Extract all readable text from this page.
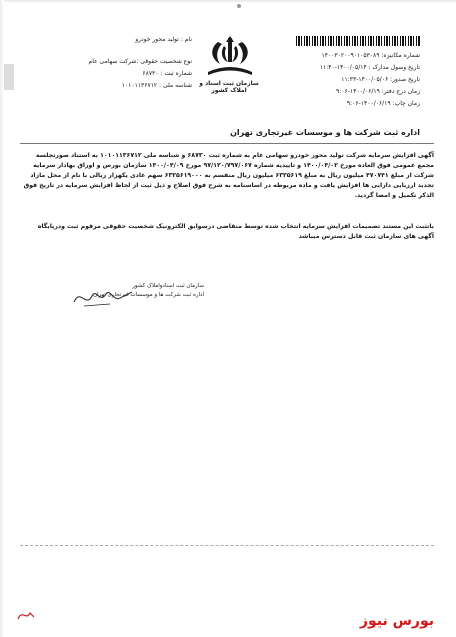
شماره مکانیزه: ۱۴۰۰۳۰۲۰۰۹۰۱۰۵۳۰۸۹
تاریخ وسول مدارک : ۱۴۰۰/۰۵/۱۴-۱۱:۴۰
تاریخ صدور: ۱۴۰۰/۰۵/۰۶-۱۱:۳۳
زمان درج دفتر: ۱۴۰۰/۰۶/۱۹-۹:۰۶
زمان چاپ: ۱۴۰۰/۰۶/۱۹-۹:۰۶
نام : تولید محور خودرو
نوع شخصیت حقوقی :شرکت سهامی عام
شماره ثبت : ۶۸۷۳۰
شناسه ملی : ۱۰۱۰۱۱۳۶۷۱۲	سازمان ثبت اسناد و املاک کشور
اداره ثبت شرکت ها و موسسات غیرتجاری تهران

آگهی افزایش سرمایه شرکت تولید محور خودرو سهامی عام به شماره ثبت ۶۸۷۳۰ و شناسه ملی ۱۰۱۰۱۱۳۶۷۱۲ به استناد صورتجلسه مجمع عمومی فوق العاده مورخ ۱۴۰۰/۰۴/۰۲ و تاییدیه شماره ۹۷/۱۲۰/۷۹۷/۰۶۷ مورخ ۱۴۰۰/۰۴/۰۹ سازمان بورس و اوراق بهادار سرمایه شرکت از مبلغ ۴۷۰۷۴۱ میلیون ریال به مبلغ ۶۳۲۵۶۱۹ میلیون ریال منقسم به ۶۳۲۵۶۱۹۰۰۰ سهم عادی یکهزار ریالی با نام از محل مازاد تجدید ارزیابی دارایی ها افزایش یافت و ماده مربوطه در اساسنامه به شرح فوق اصلاح و ذیل ثبت از لحاظ افزایش سرمایه در تاریخ فوق الذکر تکمیل و امضا گردید.

باتثبت این مستند تصمیمات افزایش سرمایه انتخاب شده توسط متقاضی درسوابق الکترونیک شخصیت حقوقی مرقوم ثبت ودرپایگاه آگهی های سازمان ثبت قابل دسترس میباشد
سازمان ثبت اسنادواملاک کشور
اداره ثبت شرکت ها و موسسات غیرتجاری تهران
بورس نیوز
